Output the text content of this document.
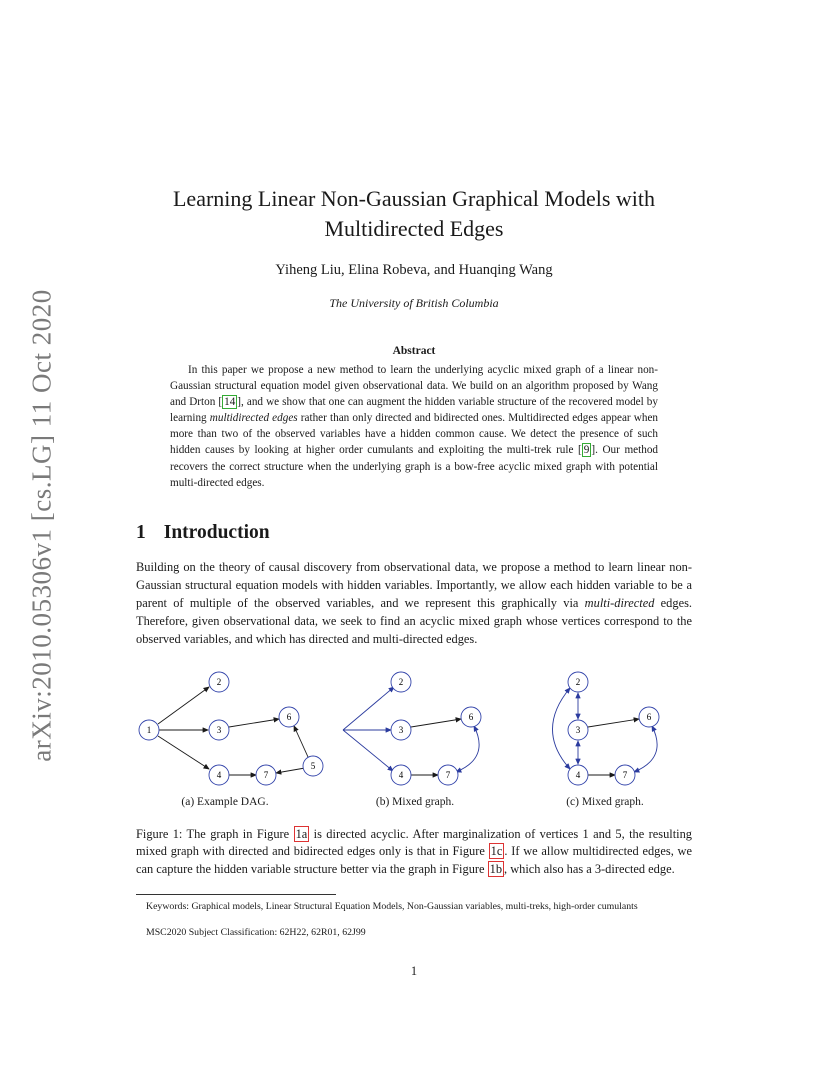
arXiv:2010.05306v1 [cs.LG] 11 Oct 2020
Learning Linear Non-Gaussian Graphical Models with Multidirected Edges
Yiheng Liu, Elina Robeva, and Huanqing Wang
The University of British Columbia
Abstract

In this paper we propose a new method to learn the underlying acyclic mixed graph of a linear non-Gaussian structural equation model given observational data. We build on an algorithm proposed by Wang and Drton [ 14 ], and we show that one can augment the hidden variable structure of the recovered model by learning multidirected edges rather than only directed and bidirected ones. Multidirected edges appear when more than two of the observed variables have a hidden common cause. We detect the presence of such hidden causes by looking at higher order cumulants and exploiting the multi-trek rule [ 9 ]. Our method recovers the correct structure when the underlying graph is a bow-free acyclic mixed graph with potential multi-directed edges.

1 Introduction

Building on the theory of causal discovery from observational data, we propose a method to learn linear non-Gaussian structural equation models with hidden variables. Importantly, we allow each hidden variable to be a parent of multiple of the observed variables, and we represent this graphically via multi-directed edges. Therefore, given observational data, we seek to find an acyclic mixed graph whose vertices correspond to the observed variables, and which has directed and multi-directed edges.

1
2
3
4
5
6
7
2
3
4
6
7
2
3
4
6
7
(a) Example DAG.	(b) Mixed graph.	(c) Mixed graph.

Figure 1: The graph in Figure 1a is directed acyclic. After marginalization of vertices 1 and 5, the resulting mixed graph with directed and bidirected edges only is that in Figure 1c . If we allow multidirected edges, we can capture the hidden variable structure better via the graph in Figure 1b , which also has a 3-directed edge.

Keywords: Graphical models, Linear Structural Equation Models, Non-Gaussian variables, multi-treks, high-order cumulants

MSC2020 Subject Classification: 62H22, 62R01, 62J99

1
